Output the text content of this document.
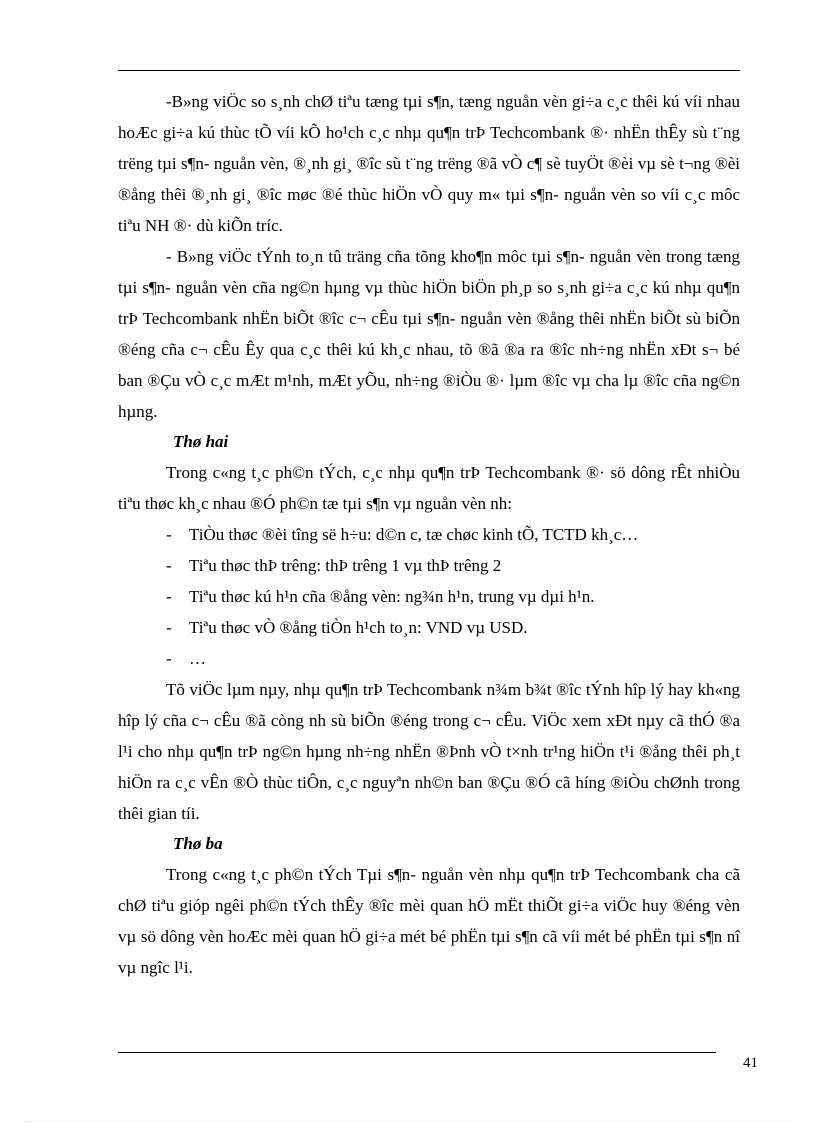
-B»ng viÖc so s¸nh chØ tiªu tæng tµi s¶n, tæng nguån vèn gi÷a c¸c thêi kú víi nhau hoÆc gi÷a kú thùc tÕ víi kÕ ho¹ch c¸c nhµ qu¶n trÞ Techcombank ®· nhËn thÊy sù t¨ng trëng tµi s¶n- nguån vèn, ®¸nh gi¸ ®îc sù t¨ng trëng ®ã vÒ c¶ sè tuyÖt ®èi vµ sè t¬ng ®èi ®ång thêi ®¸nh gi¸ ®îc møc ®é thùc hiÖn vÒ quy m« tµi s¶n- nguån vèn so víi c¸c môc tiªu NH ®· dù kiÕn tríc.

- B»ng viÖc tÝnh to¸n tû träng cña tõng kho¶n môc tµi s¶n- nguån vèn trong tæng tµi s¶n- nguån vèn cña ng©n hµng vµ thùc hiÖn biÖn ph¸p so s¸nh gi÷a c¸c kú nhµ qu¶n trÞ Techcombank nhËn biÕt ®îc c¬ cÊu tµi s¶n- nguån vèn ®ång thêi nhËn biÕt sù biÕn ®éng cña c¬ cÊu Êy qua c¸c thêi kú kh¸c nhau, tõ ®ã ®a ra ®îc nh÷ng nhËn xÐt s¬ bé ban ®Çu vÒ c¸c mÆt m¹nh, mÆt yÕu, nh÷ng ®iÒu ®· lµm ®îc vµ cha lµ ®îc cña ng©n hµng.

Thø hai

Trong c«ng t¸c ph©n tÝch, c¸c nhµ qu¶n trÞ Techcombank ®· sö dông rÊt nhiÒu tiªu thøc kh¸c nhau ®Ó ph©n tæ tµi s¶n vµ nguån vèn nh:

- TiÒu thøc ®èi tîng së h÷u: d©n c, tæ chøc kinh tÕ, TCTD kh¸c…
- Tiªu thøc thÞ trêng: thÞ trêng 1 vµ thÞ trêng 2
- Tiªu thøc kú h¹n cña ®ång vèn: ng¾n h¹n, trung vµ dµi h¹n.
- Tiªu thøc vÒ ®ång tiÒn h¹ch to¸n: VND vµ USD.
- …

Tõ viÖc lµm nµy, nhµ qu¶n trÞ Techcombank n¾m b¾t ®îc tÝnh hîp lý hay kh«ng hîp lý cña c¬ cÊu ®ã còng nh sù biÕn ®éng trong c¬ cÊu. ViÖc xem xÐt nµy cã thÓ ®a l¹i cho nhµ qu¶n trÞ ng©n hµng nh÷ng nhËn ®Þnh vÒ t×nh tr¹ng hiÖn t¹i ®ång thêi ph¸t hiÖn ra c¸c vÊn ®Ò thùc tiÔn, c¸c nguyªn nh©n ban ®Çu ®Ó cã híng ®iÒu chØnh trong thêi gian tíi.

Thø ba

Trong c«ng t¸c ph©n tÝch Tµi s¶n- nguån vèn nhµ qu¶n trÞ Techcombank cha cã chØ tiªu gióp ngêi ph©n tÝch thÊy ®îc mèi quan hÖ mËt thiÕt gi÷a viÖc huy ®éng vèn vµ sö dông vèn hoÆc mèi quan hÖ gi÷a mét bé phËn tµi s¶n cã víi mét bé phËn tµi s¶n nî vµ ngîc l¹i.

41
